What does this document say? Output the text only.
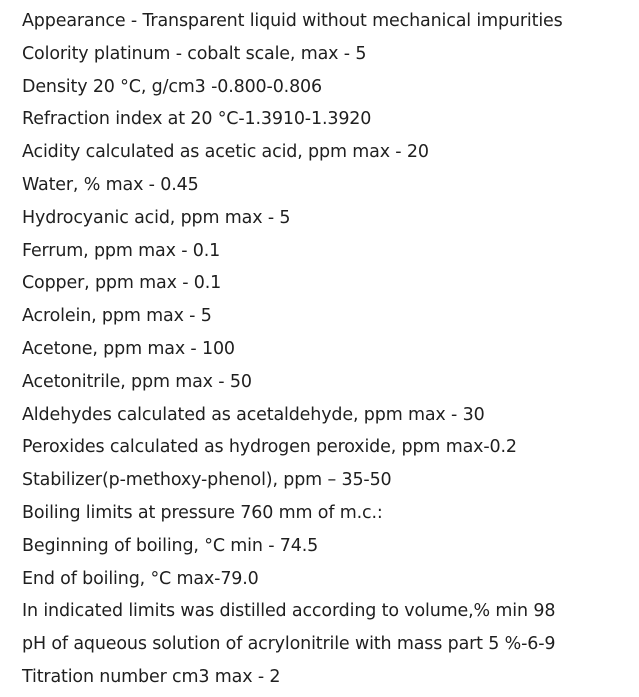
Appearance - Transparent liquid without mechanical impurities
Colority platinum - cobalt scale, max - 5
Density 20 °C, g/cm3 -0.800-0.806
Refraction index at 20 °C-1.3910-1.3920
Acidity calculated as acetic acid, ppm max - 20
Water, % max - 0.45
Hydrocyanic acid, ppm max - 5
Ferrum, ppm max - 0.1
Copper, ppm max - 0.1
Acrolein, ppm max - 5
Acetone, ppm max - 100
Acetonitrile, ppm max - 50
Aldehydes calculated as acetaldehyde, ppm max - 30
Peroxides calculated as hydrogen peroxide, ppm max-0.2
Stabilizer(p-methoxy-phenol), ppm – 35-50
Boiling limits at pressure 760 mm of m.c.:
Beginning of boiling, °C min - 74.5
End of boiling, °C max-79.0
In indicated limits was distilled according to volume,% min 98
pH of aqueous solution of acrylonitrile with mass part 5 %-6-9
Titration number cm3 max - 2
